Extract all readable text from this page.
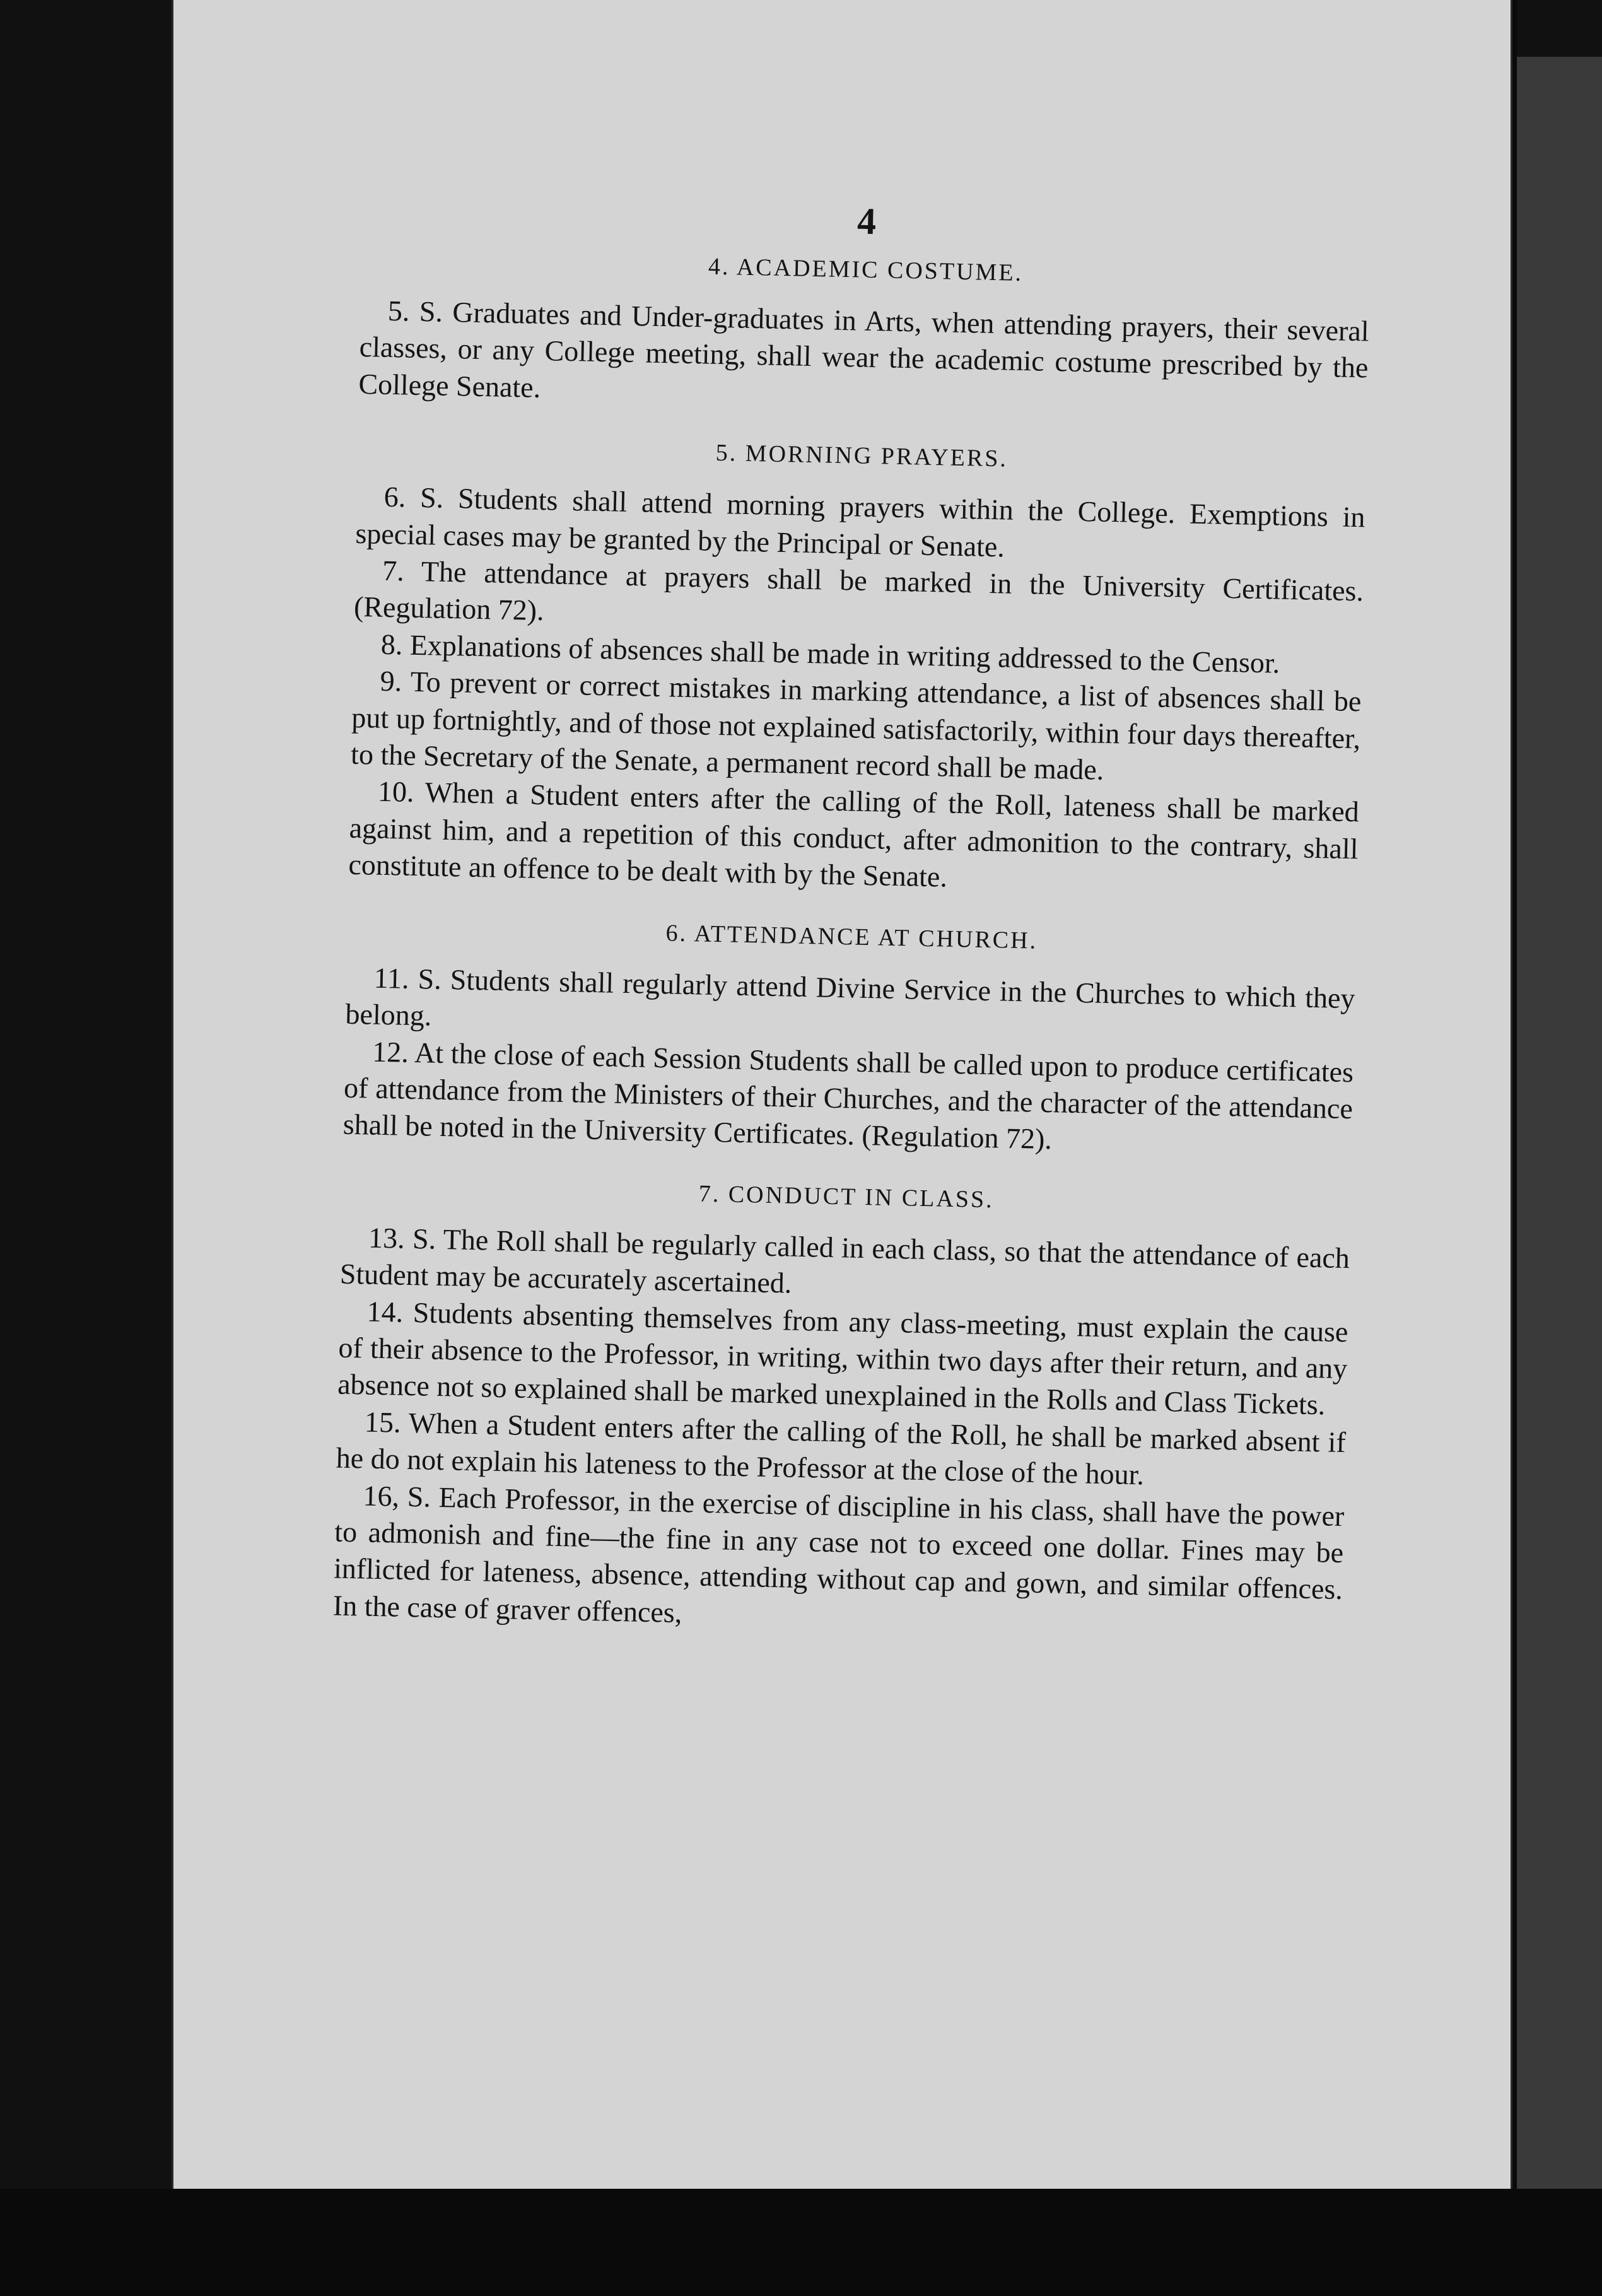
4
4. ACADEMIC COSTUME.

5. S. Graduates and Under-graduates in Arts, when attending prayers, their several classes, or any College meeting, shall wear the academic costume prescribed by the College Senate.

5. MORNING PRAYERS.

6. S. Students shall attend morning prayers within the College. Exemptions in special cases may be granted by the Principal or Senate.

7. The attendance at prayers shall be marked in the University Certificates. (Regulation 72).

8. Explanations of absences shall be made in writing addressed to the Censor.

9. To prevent or correct mistakes in marking attendance, a list of absences shall be put up fortnightly, and of those not explained satisfactorily, within four days thereafter, to the Secretary of the Senate, a permanent record shall be made.

10. When a Student enters after the calling of the Roll, lateness shall be marked against him, and a repetition of this conduct, after admonition to the contrary, shall constitute an offence to be dealt with by the Senate.

6. ATTENDANCE AT CHURCH.

11. S. Students shall regularly attend Divine Service in the Churches to which they belong.

12. At the close of each Session Students shall be called upon to produce certificates of attendance from the Ministers of their Churches, and the character of the attendance shall be noted in the University Certificates. (Regulation 72).

7. CONDUCT IN CLASS.

13. S. The Roll shall be regularly called in each class, so that the attendance of each Student may be accurately ascertained.

14. Students absenting themselves from any class-meeting, must explain the cause of their absence to the Professor, in writing, within two days after their return, and any absence not so explained shall be marked unexplained in the Rolls and Class Tickets.

15. When a Student enters after the calling of the Roll, he shall be marked absent if he do not explain his lateness to the Professor at the close of the hour.

16, S. Each Professor, in the exercise of discipline in his class, shall have the power to admonish and fine—the fine in any case not to exceed one dollar. Fines may be inflicted for lateness, absence, attending without cap and gown, and similar offences. In the case of graver offences,
